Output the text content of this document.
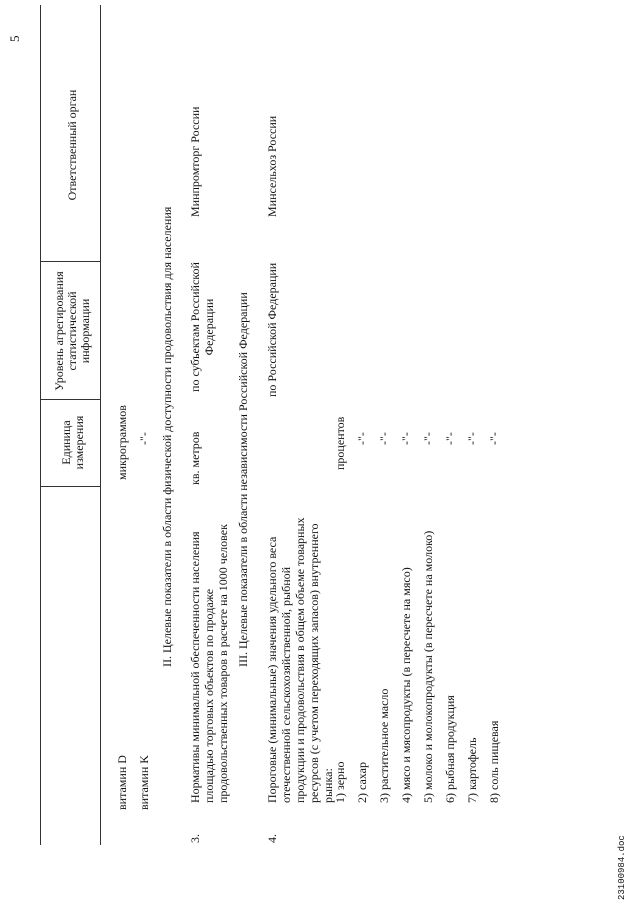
5
Единица измерения
Уровень агрегирования статистической информации
Ответственный орган
витамин D
микрограммов
витамин K
-"- II. Целевые показатели в области физической доступности продовольствия для населения
3.
Нормативы минимальной обеспеченности населения площадью торговых объектов по продаже продовольственных товаров в расчете на 1000 человек
кв. метров
по субъектам Российской Федерации
Минпромторг России
III. Целевые показатели в области независимости Российской Федерации
4.
Пороговые (минимальные) значения удельного веса отечественной сельскохозяйственной, рыбной продукции и продовольствия в общем объеме товарных ресурсов (с учетом переходящих запасов) внутреннего рынка:
по Российской Федерации
Минсельхоз России
процентов
1) зерно 2) сахар
-"-
3) растительное масло
-"-
4) мясо и мясопродукты (в пересчете на мясо)
-"-
5) молоко и молокопродукты (в пересчете на молоко)
-"-
6) рыбная продукция
-"-
7) картофель
-"-
8) соль пищевая
-"-
23100984.doc
